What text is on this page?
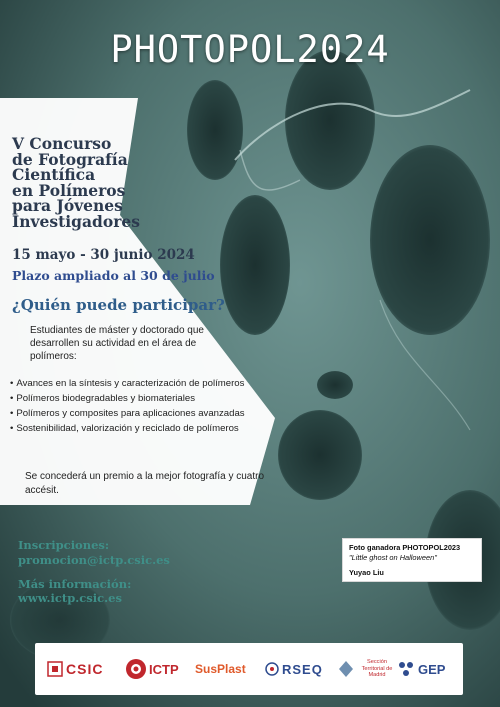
PHOTOPOL2024
V Concurso
de Fotografía
Científica
en Polímeros
para Jóvenes
Investigadores
15 mayo - 30 junio 2024
Plazo ampliado al 30 de julio
¿Quién puede participar?
Estudiantes de máster y doctorado que desarrollen su actividad en el área de polímeros:
• Avances en la síntesis y caracterización de polímeros
• Polímeros biodegradables y biomateriales
• Polímeros y composites para aplicaciones avanzadas
• Sostenibilidad, valorización y reciclado de polímeros
Se concederá un premio a la mejor fotografía y cuatro accésit.
Inscripciones:
promocion@ictp.csic.es
Más información:
www.ictp.csic.es
Foto ganadora PHOTOPOL2023
"Little ghost on Halloween"
Yuyao Liu
CSIC	ICTP SusPlast	RSEQ	Sección Territorial de Madrid	GEP
